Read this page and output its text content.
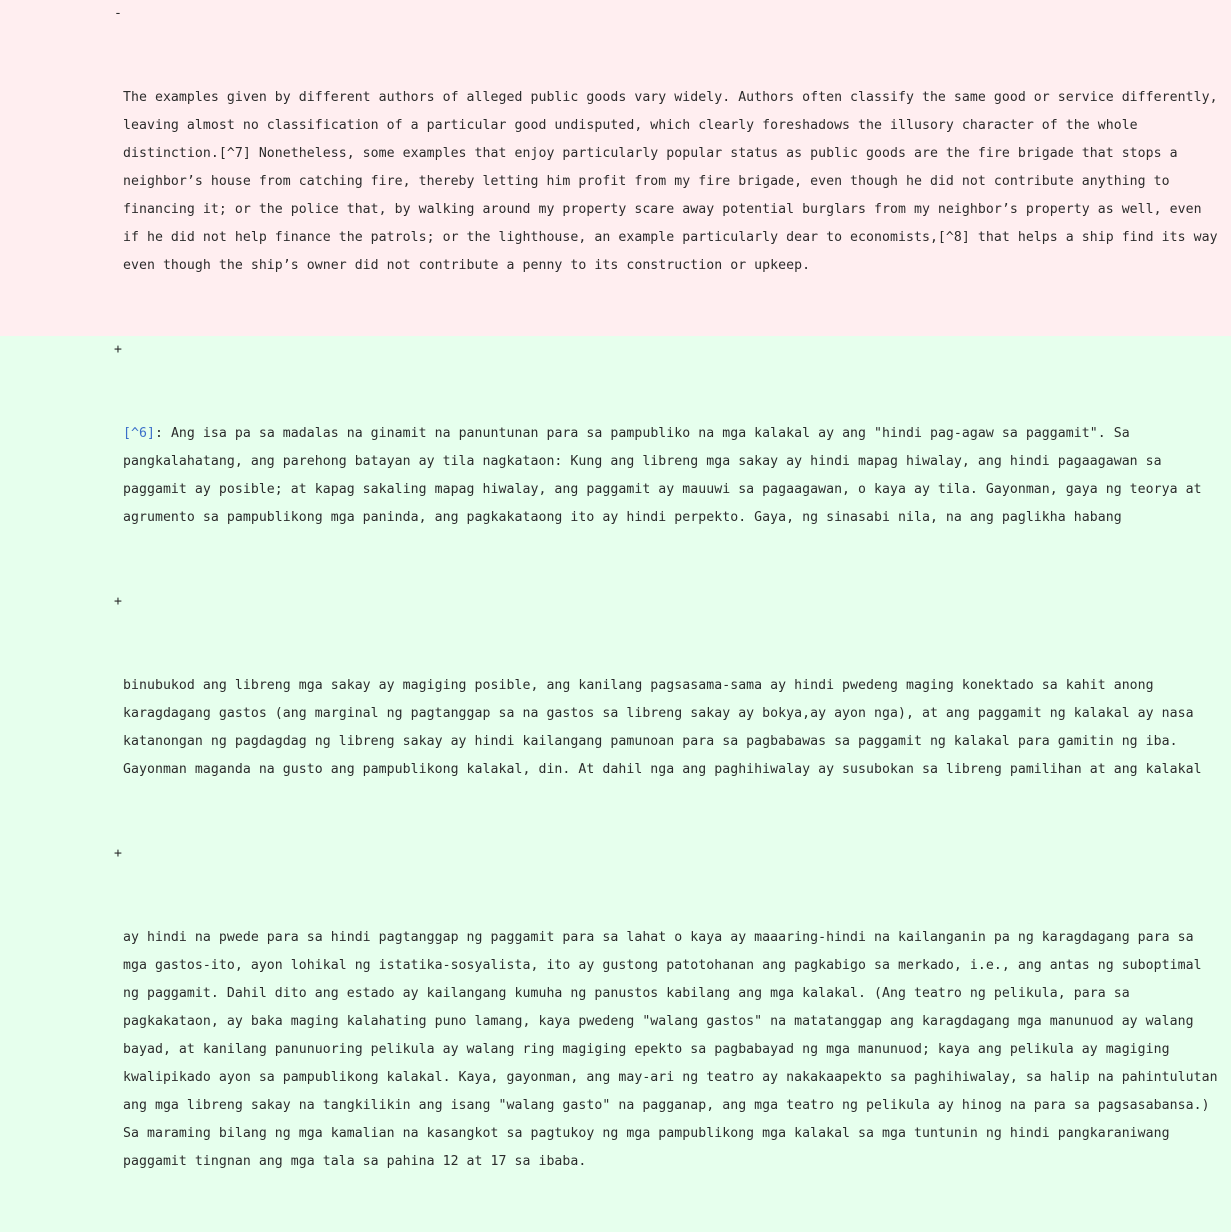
-

The examples given by different authors of alleged public goods vary widely. Authors often classify the same good or service differently, leaving almost no classification of a particular good undisputed, which clearly foreshadows the illusory character of the whole distinction.[^7] Nonetheless, some examples that enjoy particularly popular status as public goods are the fire brigade that stops a neighbor’s house from catching fire, thereby letting him profit from my fire brigade, even though he did not contribute anything to financing it; or the police that, by walking around my property scare away potential burglars from my neighbor’s property as well, even if he did not help finance the patrols; or the lighthouse, an example particularly dear to economists,[^8] that helps a ship find its way even though the ship’s owner did not contribute a penny to its construction or upkeep.

+

[^6]: Ang isa pa sa madalas na ginamit na panuntunan para sa pampubliko na mga kalakal ay ang "hindi pag-agaw sa paggamit". Sa pangkalahatang, ang parehong batayan ay tila nagkataon: Kung ang libreng mga sakay ay hindi mapag hiwalay, ang hindi pagaagawan sa paggamit ay posible; at kapag sakaling mapag hiwalay, ang paggamit ay mauuwi sa pagaagawan, o kaya ay tila. Gayonman, gaya ng teorya at agrumento sa pampublikong mga paninda, ang pagkakataong ito ay hindi perpekto. Gaya, ng sinasabi nila, na ang paglikha habang

+

binubukod ang libreng mga sakay ay magiging posible, ang kanilang pagsasama-sama ay hindi pwedeng maging konektado sa kahit anong karagdagang gastos (ang marginal ng pagtanggap sa na gastos sa libreng sakay ay bokya,ay ayon nga), at ang paggamit ng kalakal ay nasa katanongan ng pagdagdag ng libreng sakay ay hindi kailangang pamunoan para sa pagbabawas sa paggamit ng kalakal para gamitin ng iba. Gayonman maganda na gusto ang pampublikong kalakal, din. At dahil nga ang paghihiwalay ay susubokan sa libreng pamilihan at ang kalakal

+

ay hindi na pwede para sa hindi pagtanggap ng paggamit para sa lahat o kaya ay maaaring-hindi na kailanganin pa ng karagdagang para sa mga gastos-ito, ayon lohikal ng istatika-sosyalista, ito ay gustong patotohanan ang pagkabigo sa merkado, i.e., ang antas ng suboptimal ng paggamit. Dahil dito ang estado ay kailangang kumuha ng panustos kabilang ang mga kalakal. (Ang teatro ng pelikula, para sa pagkakataon, ay baka maging kalahating puno lamang, kaya pwedeng "walang gastos" na matatanggap ang karagdagang mga manunuod ay walang bayad, at kanilang panunuoring pelikula ay walang ring magiging epekto sa pagbabayad ng mga manunuod; kaya ang pelikula ay magiging kwalipikado ayon sa pampublikong kalakal. Kaya, gayonman, ang may-ari ng teatro ay nakakaapekto sa paghihiwalay, sa halip na pahintulutan ang mga libreng sakay na tangkilikin ang isang "walang gasto" na pagganap, ang mga teatro ng pelikula ay hinog na para sa pagsasabansa.) Sa maraming bilang ng mga kamalian na kasangkot sa pagtukoy ng mga pampublikong mga kalakal sa mga tuntunin ng hindi pangkaraniwang paggamit tingnan ang mga tala sa pahina 12 at 17 sa ibaba.
